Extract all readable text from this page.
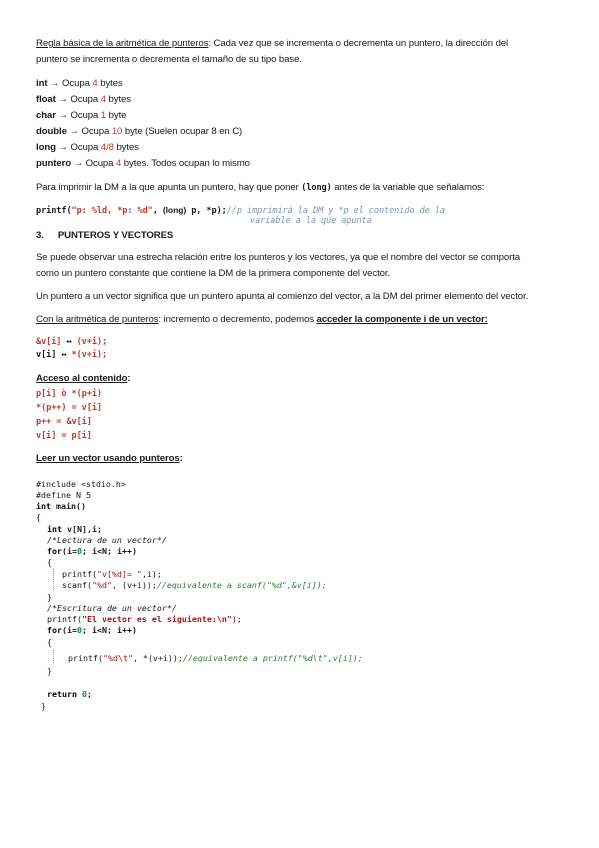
Regla básica de la aritmética de punteros: Cada vez que se incrementa o decrementa un puntero, la dirección del
puntero se incrementa o decrementa el tamaño de su tipo base.
int → Ocupa 4 bytes
float → Ocupa 4 bytes
char → Ocupa 1 byte
double → Ocupa 10 byte (Suelen ocupar 8 en C)
long → Ocupa 4/8 bytes
puntero → Ocupa 4 bytes. Todos ocupan lo mismo
Para imprimir la DM a la que apunta un puntero, hay que poner (long) antes de la variable que señalamos:
printf("p: %ld, *p: %d", (long) p, *p);//p imprimirá la DM y *p el contenido de la
variable a la que apunta
3. PUNTEROS Y VECTORES
Se puede observar una estrecha relación entre los punteros y los vectores, ya que el nombre del vector se comporta
como un puntero constante que contiene la DM de la primera componente del vector.
Un puntero a un vector significa que un puntero apunta al comienzo del vector, a la DM del primer elemento del vector.
Con la aritmética de punteros: incremento o decremento, podemos acceder la componente i de un vector:
&v[i] ↔ (v+i);
v[i] ↔ *(v+i);
Acceso al contenido:
p[i] ò *(p+i)
*(p++) = v[i]
p++ = &v[i]
v[i] = p[i]
Leer un vector usando punteros:
#include <stdio.h>
#define N 5
int main()
{
int v[N],i;
/*Lectura de un vector*/
for(i=0; i<N; i++)
{
printf("v[%d]= ",i);
scanf("%d", (v+i));//equivalente a scanf("%d",&v[i]);
}
/*Escritura de un vector*/
printf("El vector es el siguiente:\n");
for(i=0; i<N; i++)
{
printf("%d\t", *(v+i));//equivalente a printf("%d\t",v[i]);
}
return 0;
}
